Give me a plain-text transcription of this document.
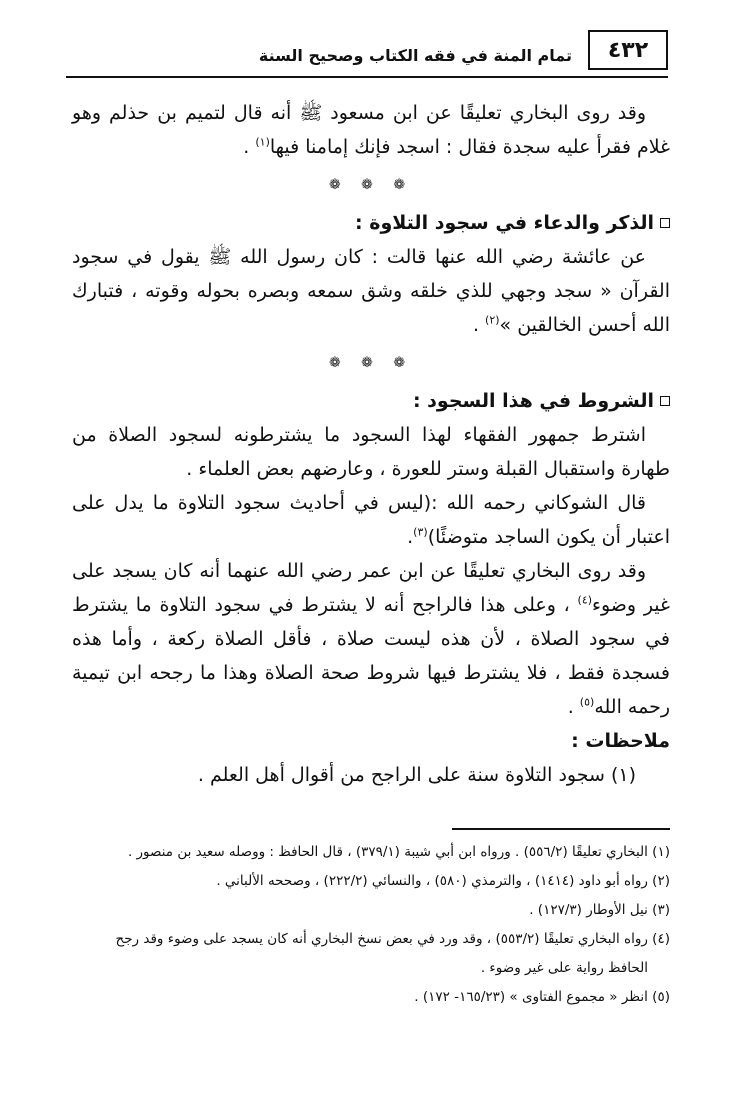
٤٣٢
تمام المنة في فقه الكتاب وصحيح السنة

وقد روى البخاري تعليقًا عن ابن مسعود ﷺ أنه قال لتميم بن حذلم وهو غلام فقرأ عليه سجدة فقال : اسجد فإنك إمامنا فيها$^{(١)}$ .

❁ ❁ ❁
الذكر والدعاء في سجود التلاوة :

عن عائشة رضي الله عنها قالت : كان رسول الله ﷺ يقول في سجود القرآن « سجد وجهي للذي خلقه وشق سمعه وبصره بحوله وقوته ، فتبارك الله أحسن الخالقين »$^{(٢)}$ .

❁ ❁ ❁
الشروط في هذا السجود :

اشترط جمهور الفقهاء لهذا السجود ما يشترطونه لسجود الصلاة من طهارة واستقبال القبلة وستر للعورة ، وعارضهم بعض العلماء .

قال الشوكاني رحمه الله :(ليس في أحاديث سجود التلاوة ما يدل على اعتبار أن يكون الساجد متوضئًا)$^{(٣)}$.

وقد روى البخاري تعليقًا عن ابن عمر رضي الله عنهما أنه كان يسجد على غير وضوء$^{(٤)}$ ، وعلى هذا فالراجح أنه لا يشترط في سجود التلاوة ما يشترط في سجود الصلاة ، لأن هذه ليست صلاة ، فأقل الصلاة ركعة ، وأما هذه فسجدة فقط ، فلا يشترط فيها شروط صحة الصلاة وهذا ما رجحه ابن تيمية رحمه الله$^{(٥)}$ .

ملاحظات :

(١) سجود التلاوة سنة على الراجح من أقوال أهل العلم .

(١) البخاري تعليقًا (٥٥٦/٢) . ورواه ابن أبي شيبة (٣٧٩/١) ، قال الحافظ : ووصله سعيد بن منصور .

(٢) رواه أبو داود (١٤١٤) ، والترمذي (٥٨٠) ، والنسائي (٢٢٢/٢) ، وصححه الألباني .

(٣) نيل الأوطار (١٢٧/٣) .

(٤) رواه البخاري تعليقًا (٥٥٣/٢) ، وقد ورد في بعض نسخ البخاري أنه كان يسجد على وضوء وقد رجح

الحافظ رواية على غير وضوء .

(٥) انظر « مجموع الفتاوى » (١٦٥/٢٣- ١٧٢) .
